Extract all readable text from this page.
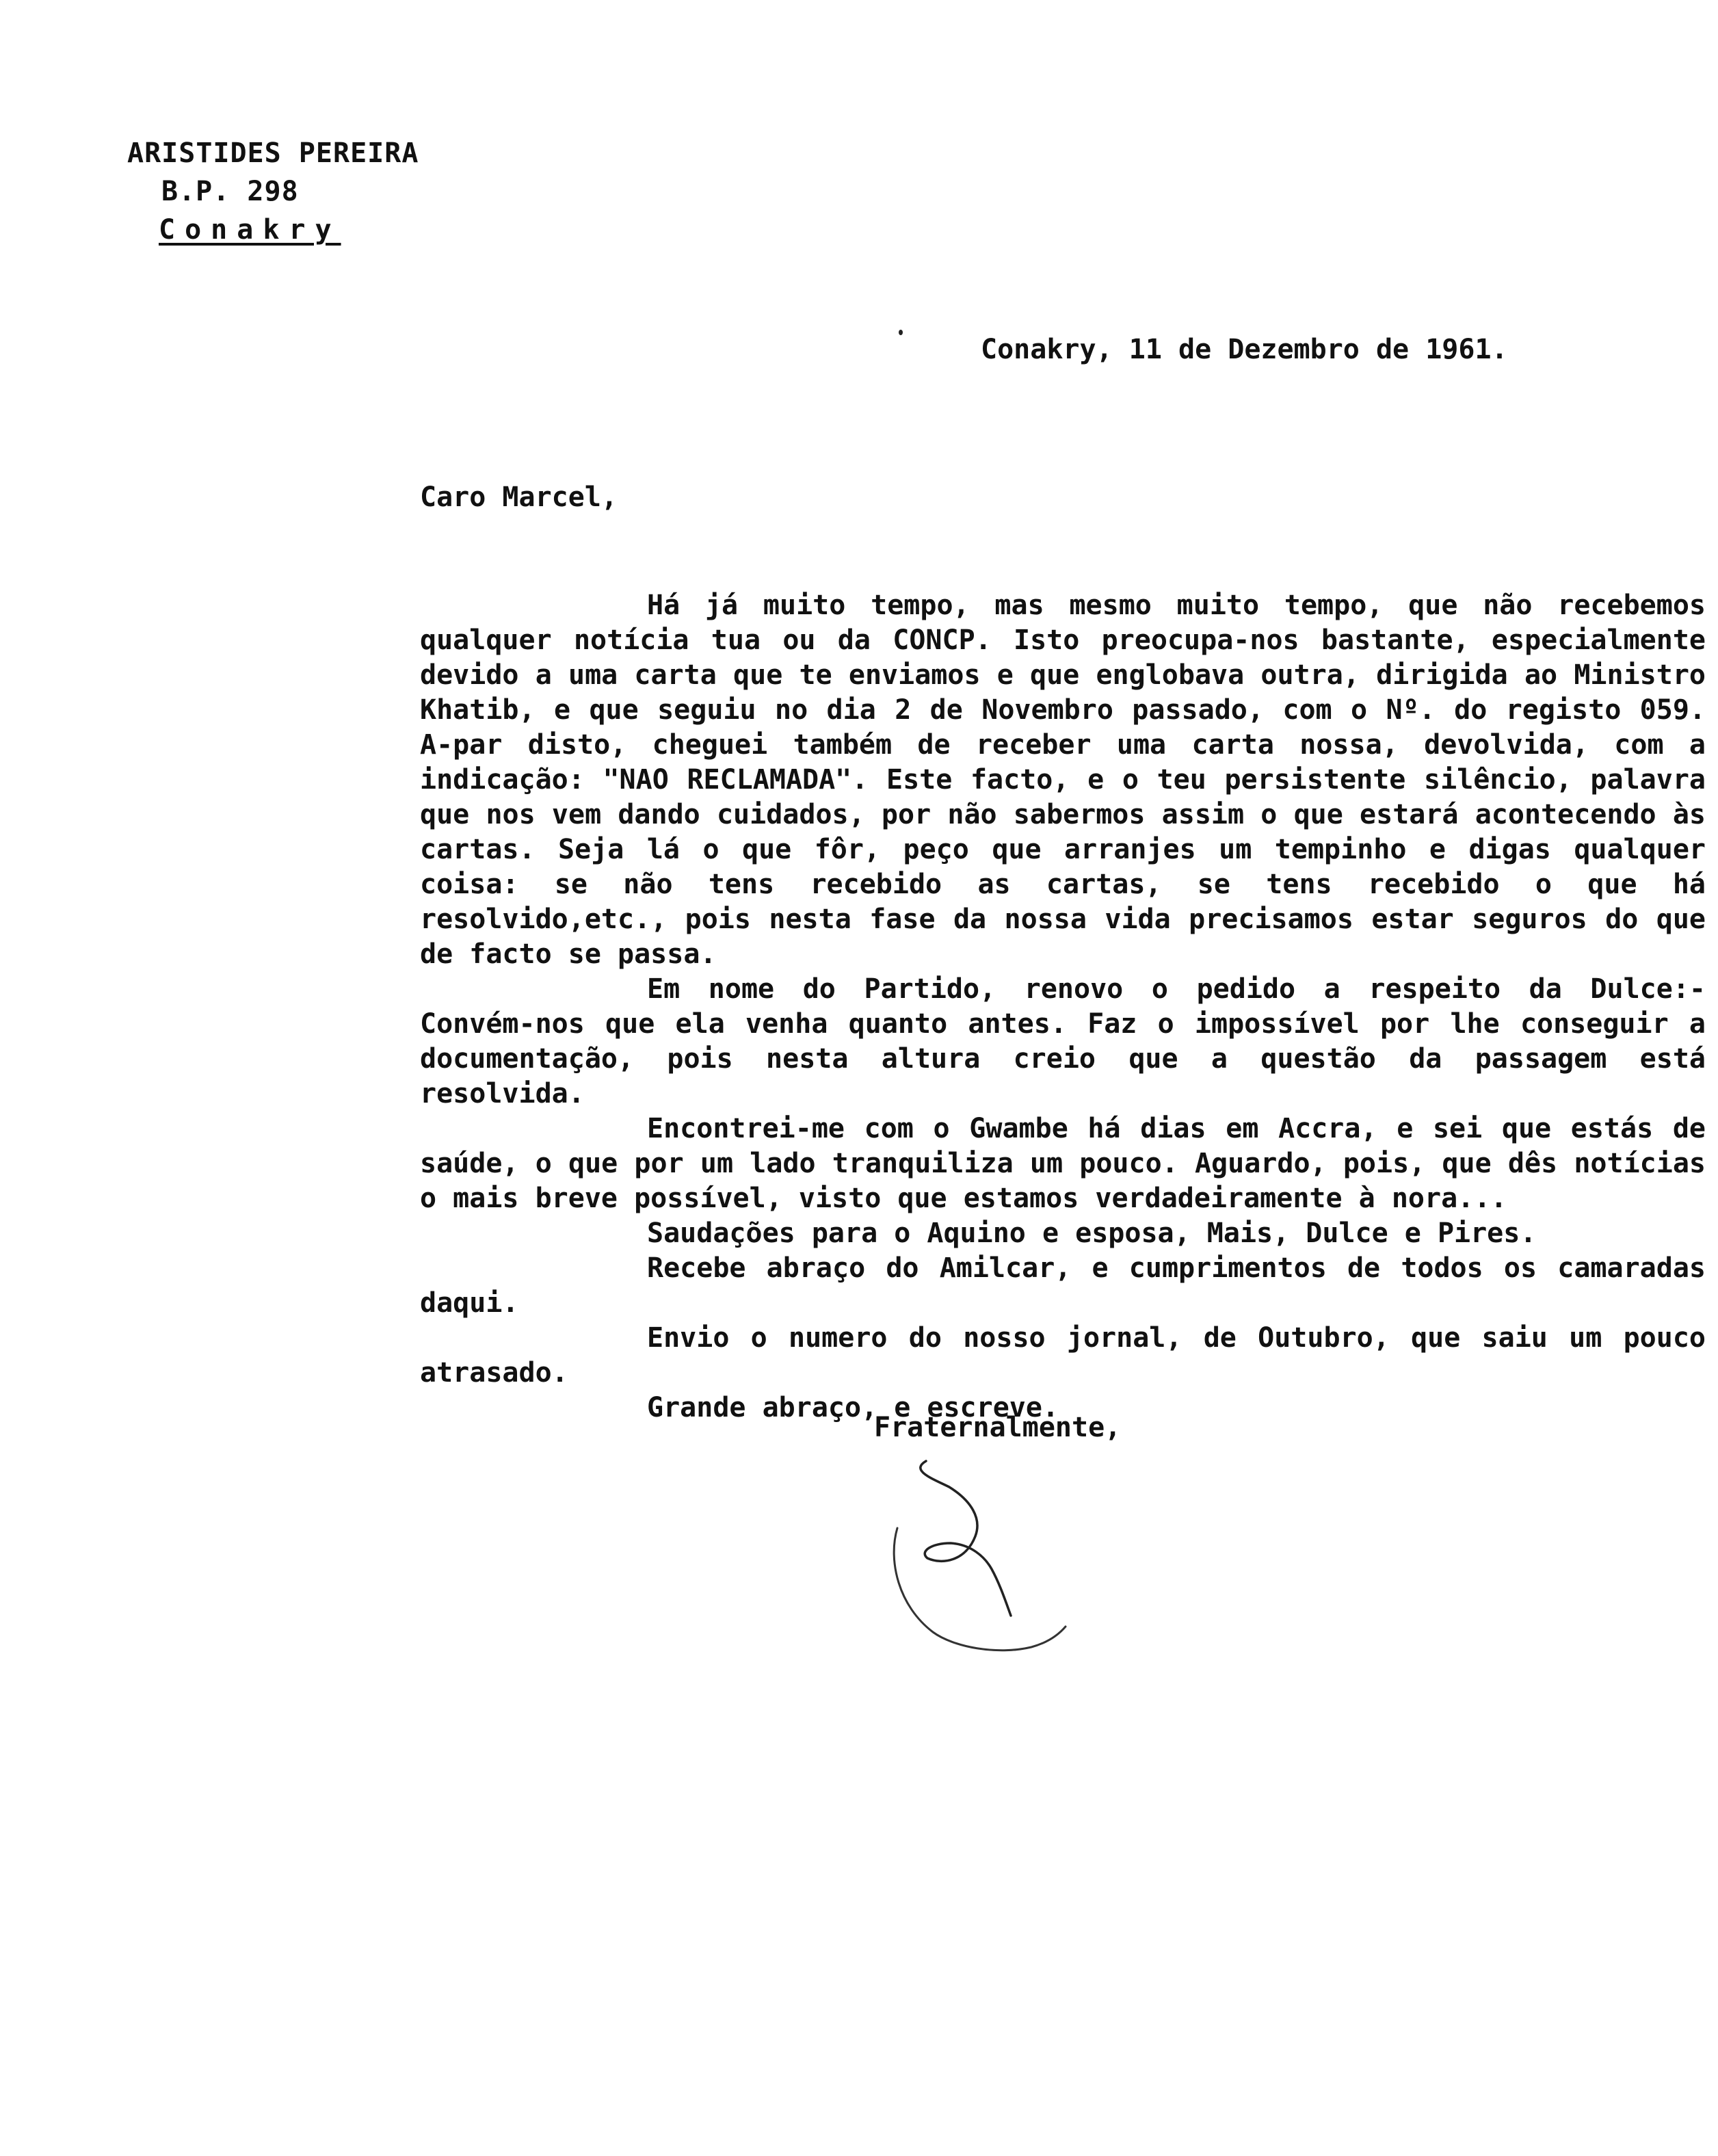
ARISTIDES PEREIRA
B.P. 298
Conakry
Conakry, 11 de Dezembro de 1961.
Caro Marcel,

Há já muito tempo, mas mesmo muito tempo, que não recebemos qualquer notícia tua ou da CONCP. Isto preocupa-nos bastante, especialmente devido a uma carta que te enviamos e que englobava outra, dirigida ao Ministro Khatib, e que seguiu no dia 2 de Novembro passado, com o Nº. do registo 059. A-par disto, cheguei também de receber uma carta nossa, devolvida, com a indicação: "NAO RECLAMADA". Este facto, e o teu persistente silêncio, palavra que nos vem dando cuidados, por não sabermos assim o que estará acontecendo às cartas. Seja lá o que fôr, peço que arranjes um tempinho e digas qualquer coisa: se não tens recebido as cartas, se tens recebido o que há resolvido,etc., pois nesta fase da nossa vida precisamos estar seguros do que de facto se passa.

Em nome do Partido, renovo o pedido a respeito da Dulce:- Convém-nos que ela venha quanto antes. Faz o impossível por lhe conseguir a documentação, pois nesta altura creio que a questão da passagem está resolvida.

Encontrei-me com o Gwambe há dias em Accra, e sei que estás de saúde, o que por um lado tranquiliza um pouco. Aguardo, pois, que dês notícias o mais breve possível, visto que estamos verdadeiramente à nora...

Saudações para o Aquino e esposa, Mais, Dulce e Pires.

Recebe abraço do Amilcar, e cumprimentos de todos os camaradas daqui.

Envio o numero do nosso jornal, de Outubro, que saiu um pouco atrasado.

Grande abraço, e escreve.
Fraternalmente,
